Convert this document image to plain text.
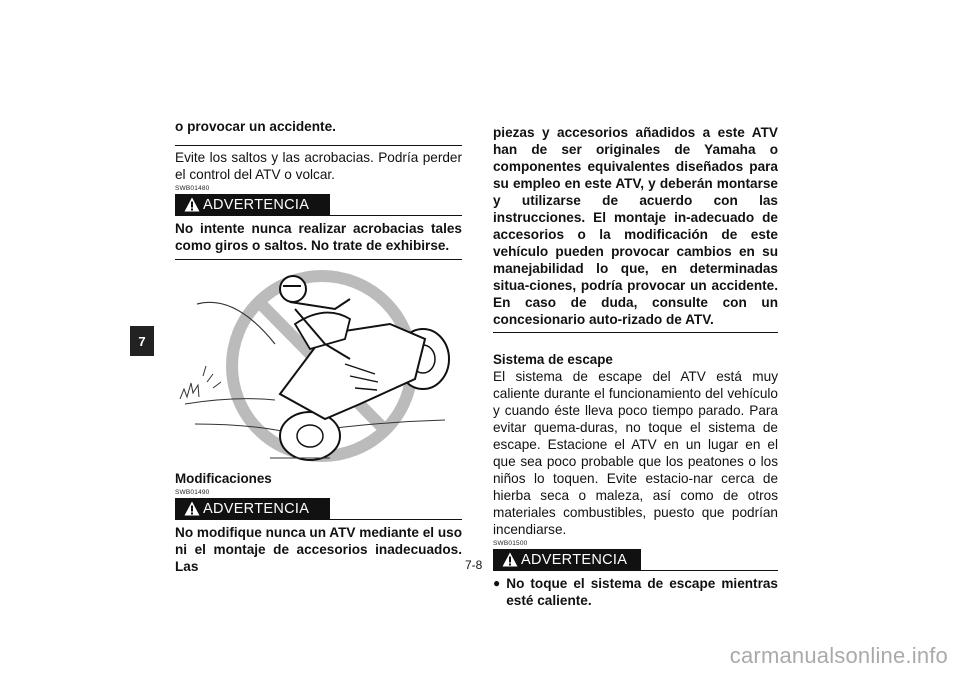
7

o provocar un accidente.

Evite los saltos y las acrobacias. Podría perder el control del ATV o volcar.

SWB01480
ADVERTENCIA

No intente nunca realizar acrobacias tales como giros o saltos. No trate de exhibirse.

Modificaciones

SWB01490
ADVERTENCIA

No modifique nunca un ATV mediante el uso ni el montaje de accesorios inadecuados. Las

piezas y accesorios añadidos a este ATV han de ser originales de Yamaha o componentes equivalentes diseñados para su empleo en este ATV, y deberán montarse y utilizarse de acuerdo con las instrucciones. El montaje in-adecuado de accesorios o la modificación de este vehículo pueden provocar cambios en su manejabilidad lo que, en determinadas situa-ciones, podría provocar un accidente. En caso de duda, consulte con un concesionario auto-rizado de ATV.

Sistema de escape

El sistema de escape del ATV está muy caliente durante el funcionamiento del vehículo y cuando éste lleva poco tiempo parado. Para evitar quema-duras, no toque el sistema de escape. Estacione el ATV en un lugar en el que sea poco probable que los peatones o los niños lo toquen. Evite estacio-nar cerca de hierba seca o maleza, así como de otros materiales combustibles, puesto que podrían incendiarse.

SWB01500
ADVERTENCIA
● No toque el sistema de escape mientras esté caliente.

7-8
carmanualsonline.info
